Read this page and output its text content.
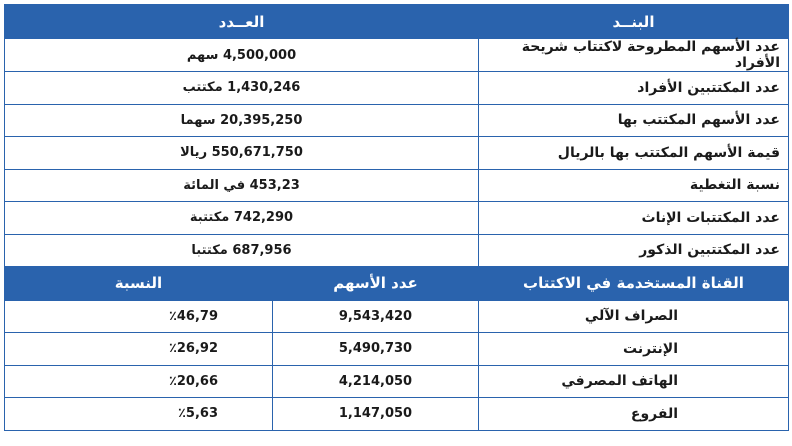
البنــد	العــدد
عدد الأسهم المطروحة لاكتتاب شريحة الأفراد	4,500,000 سهم
عدد المكتتبين الأفراد	1,430,246 مكتتب
عدد الأسهم المكتتب بها	20,395,250 سهما
قيمة الأسهم المكتتب بها بالريال	550,671,750 ريالا
نسبة التغطية	453,23 في المائة
عدد المكتتبات الإناث	742,290 مكتتبة
عدد المكتتبين الذكور	687,956 مكتتبا
القناة المستخدمة في الاكتتاب	عدد الأسهم	النسبة
الصراف الآلي	9,543,420	٪46,79
الإنترنت	5,490,730	٪26,92
الهاتف المصرفي	4,214,050	٪20,66
الفروع	1,147,050	٪5,63
